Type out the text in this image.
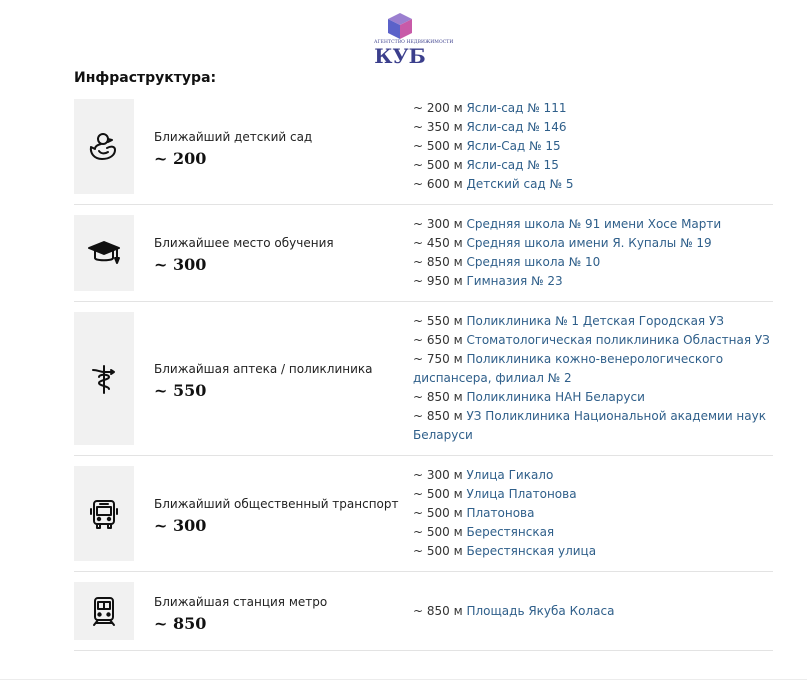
АГЕНТСТВО НЕДВИЖИМОСТИ
КУБ
Инфраструктура:
Ближайший детский сад
~ 200
~ 200 м Ясли-сад № 111
~ 350 м Ясли-сад № 146
~ 500 м Ясли-Сад № 15
~ 500 м Ясли-сад № 15
~ 600 м Детский сад № 5
Ближайшее место обучения
~ 300
~ 300 м Средняя школа № 91 имени Хосе Марти
~ 450 м Средняя школа имени Я. Купалы № 19
~ 850 м Средняя школа № 10
~ 950 м Гимназия № 23
Ближайшая аптека / поликлиника
~ 550
~ 550 м Поликлиника № 1 Детская Городская УЗ
~ 650 м Стоматологическая поликлиника Областная УЗ
~ 750 м Поликлиника кожно-венерологического диспансера, филиал № 2
~ 850 м Поликлиника НАН Беларуси
~ 850 м УЗ Поликлиника Национальной академии наук Беларуси
Ближайший общественный транспорт
~ 300
~ 300 м Улица Гикало
~ 500 м Улица Платонова
~ 500 м Платонова
~ 500 м Берестянская
~ 500 м Берестянская улица
Ближайшая станция метро
~ 850
~ 850 м Площадь Якуба Коласа
